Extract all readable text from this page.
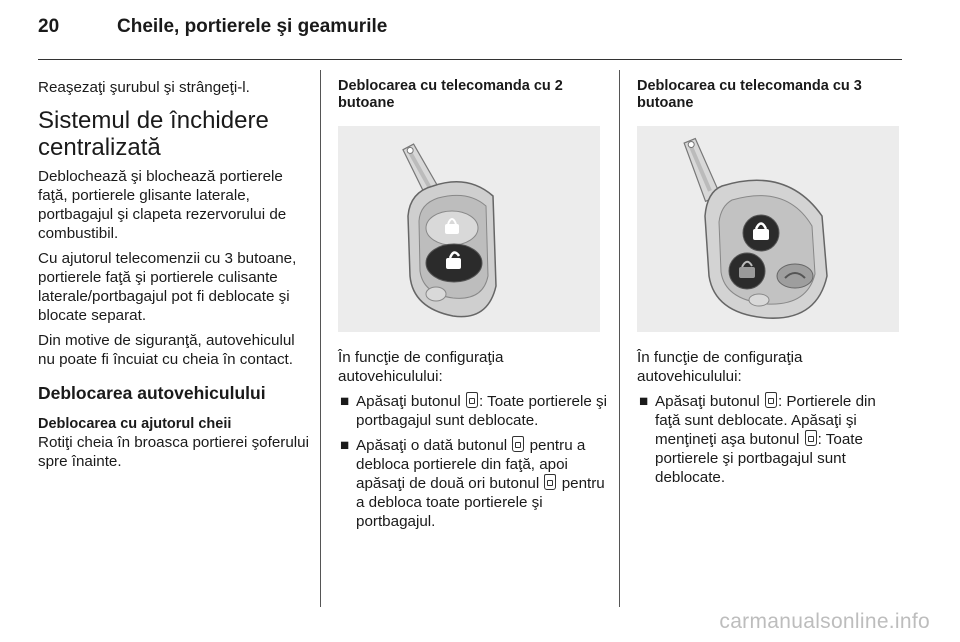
20	Cheile, portierele şi geamurile

Reaşezaţi şurubul şi strângeţi-l.

Sistemul de închidere centralizată

Deblochează şi blochează portierele faţă, portierele glisante laterale, portbagajul şi clapeta rezervorului de combustibil.

Cu ajutorul telecomenzii cu 3 butoane, portierele faţă şi portierele culisante laterale/portbagajul pot fi deblocate şi blocate separat.

Din motive de siguranţă, autovehiculul nu poate fi încuiat cu cheia în contact.

Deblocarea autovehiculului
Deblocarea cu ajutorul cheii

Rotiţi cheia în broasca portierei şoferului spre înainte.

Deblocarea cu telecomanda cu 2 butoane

În funcţie de configuraţia autovehiculului:

■ Apăsaţi butonul : Toate portierele şi portbagajul sunt deblocate.
■ Apăsaţi o dată butonul  pentru a debloca portierele din faţă, apoi apăsaţi de două ori butonul  pentru a debloca toate portierele şi portbagajul.
Deblocarea cu telecomanda cu 3 butoane

În funcţie de configuraţia autovehiculului:

■ Apăsaţi butonul : Portierele din faţă sunt deblocate. Apăsaţi şi menţineţi aşa butonul : Toate portierele şi portbagajul sunt deblocate.
carmanualsonline.info
